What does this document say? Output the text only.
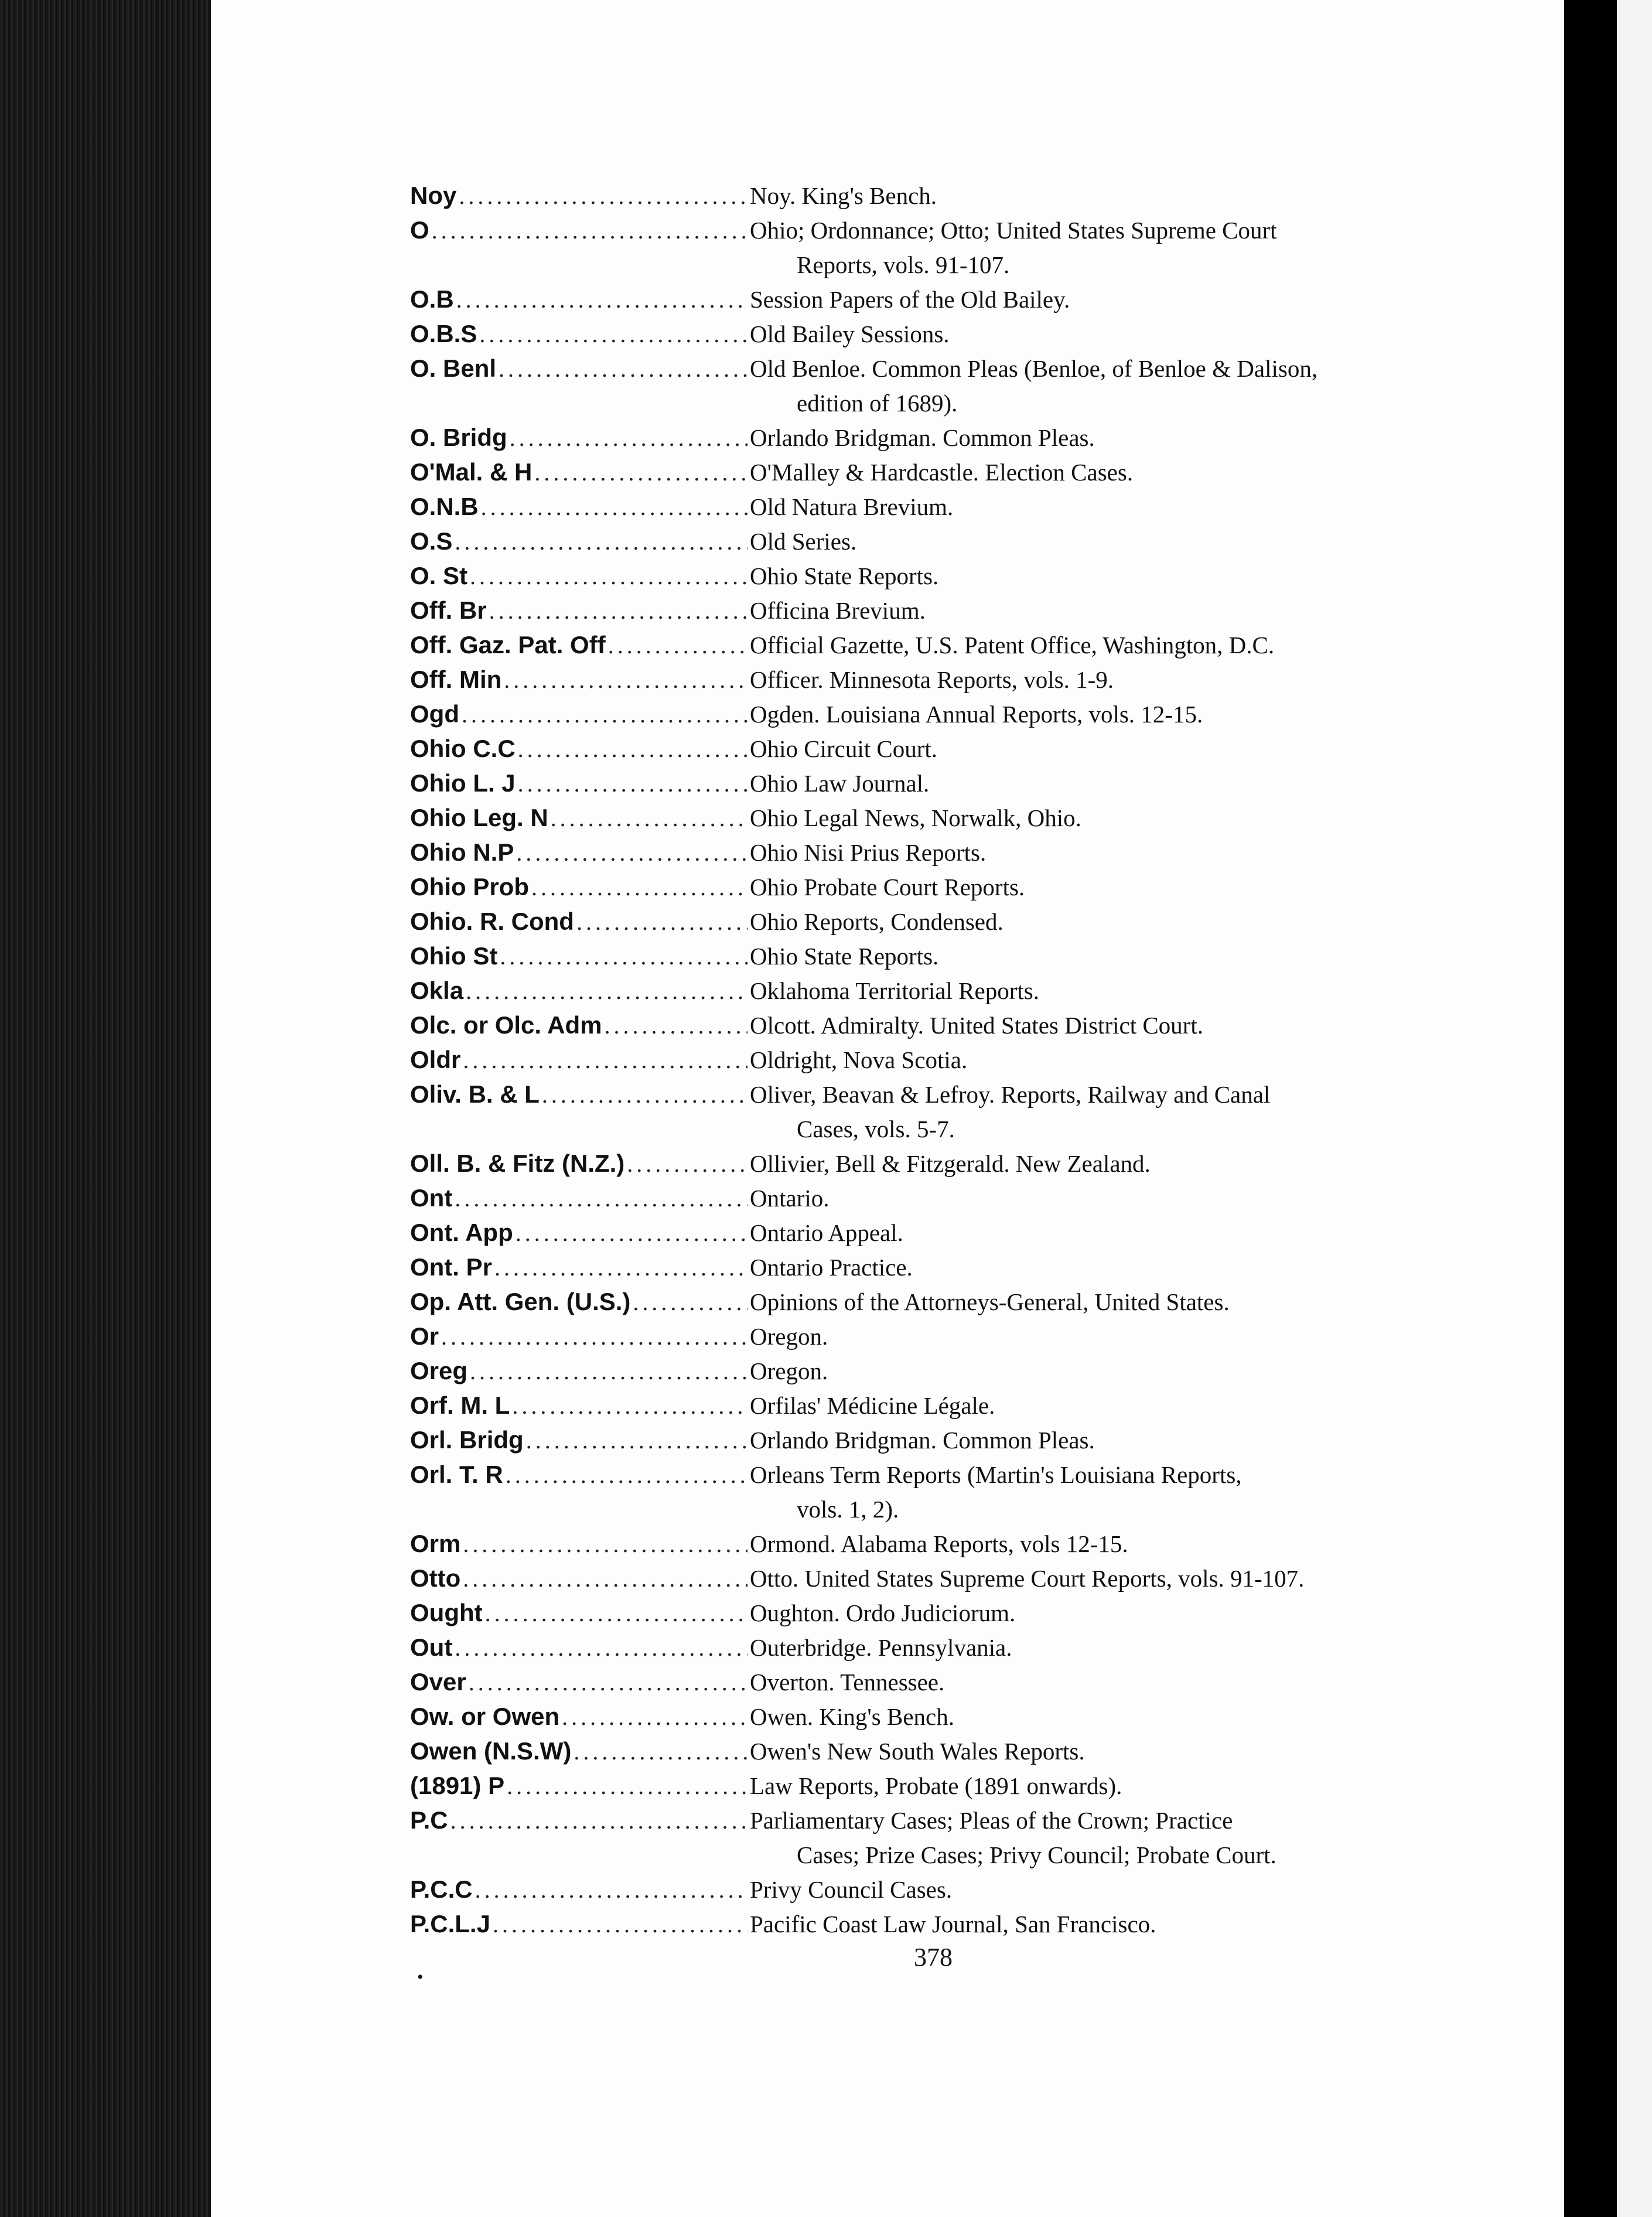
Noy .....	Noy. King's Bench.
O .....	Ohio; Ordonnance; Otto; United States Supreme Court
Reports, vols. 91-107.
O.B .....	Session Papers of the Old Bailey.
O.B.S .....	Old Bailey Sessions.
O. Benl .....	Old Benloe. Common Pleas (Benloe, of Benloe & Dalison,
edition of 1689).
O. Bridg .....	Orlando Bridgman. Common Pleas.
O'Mal. & H .....	O'Malley & Hardcastle. Election Cases.
O.N.B .....	Old Natura Brevium.
O.S .....	Old Series.
O. St .....	Ohio State Reports.
Off. Br .....	Officina Brevium.
Off. Gaz. Pat. Off .....	Official Gazette, U.S. Patent Office, Washington, D.C.
Off. Min .....	Officer. Minnesota Reports, vols. 1-9.
Ogd .....	Ogden. Louisiana Annual Reports, vols. 12-15.
Ohio C.C .....	Ohio Circuit Court.
Ohio L. J .....	Ohio Law Journal.
Ohio Leg. N .....	Ohio Legal News, Norwalk, Ohio.
Ohio N.P .....	Ohio Nisi Prius Reports.
Ohio Prob .....	Ohio Probate Court Reports.
Ohio. R. Cond .....	Ohio Reports, Condensed.
Ohio St .....	Ohio State Reports.
Okla .....	Oklahoma Territorial Reports.
Olc. or Olc. Adm .....	Olcott. Admiralty. United States District Court.
Oldr .....	Oldright, Nova Scotia.
Oliv. B. & L .....	Oliver, Beavan & Lefroy. Reports, Railway and Canal
Cases, vols. 5-7.
Oll. B. & Fitz (N.Z.) .....	Ollivier, Bell & Fitzgerald. New Zealand.
Ont .....	Ontario.
Ont. App .....	Ontario Appeal.
Ont. Pr .....	Ontario Practice.
Op. Att. Gen. (U.S.) .....	Opinions of the Attorneys-General, United States.
Or .....	Oregon.
Oreg .....	Oregon.
Orf. M. L .....	Orfilas' Médicine Légale.
Orl. Bridg .....	Orlando Bridgman. Common Pleas.
Orl. T. R .....	Orleans Term Reports (Martin's Louisiana Reports,
vols. 1, 2).
Orm .....	Ormond. Alabama Reports, vols 12-15.
Otto .....	Otto. United States Supreme Court Reports, vols. 91-107.
Ought .....	Oughton. Ordo Judiciorum.
Out .....	Outerbridge. Pennsylvania.
Over .....	Overton. Tennessee.
Ow. or Owen .....	Owen. King's Bench.
Owen (N.S.W) .....	Owen's New South Wales Reports.
(1891) P .....	Law Reports, Probate (1891 onwards).
P.C .....	Parliamentary Cases; Pleas of the Crown; Practice
Cases; Prize Cases; Privy Council; Probate Court.
P.C.C .....	Privy Council Cases.
P.C.L.J .....	Pacific Coast Law Journal, San Francisco.
378
•
